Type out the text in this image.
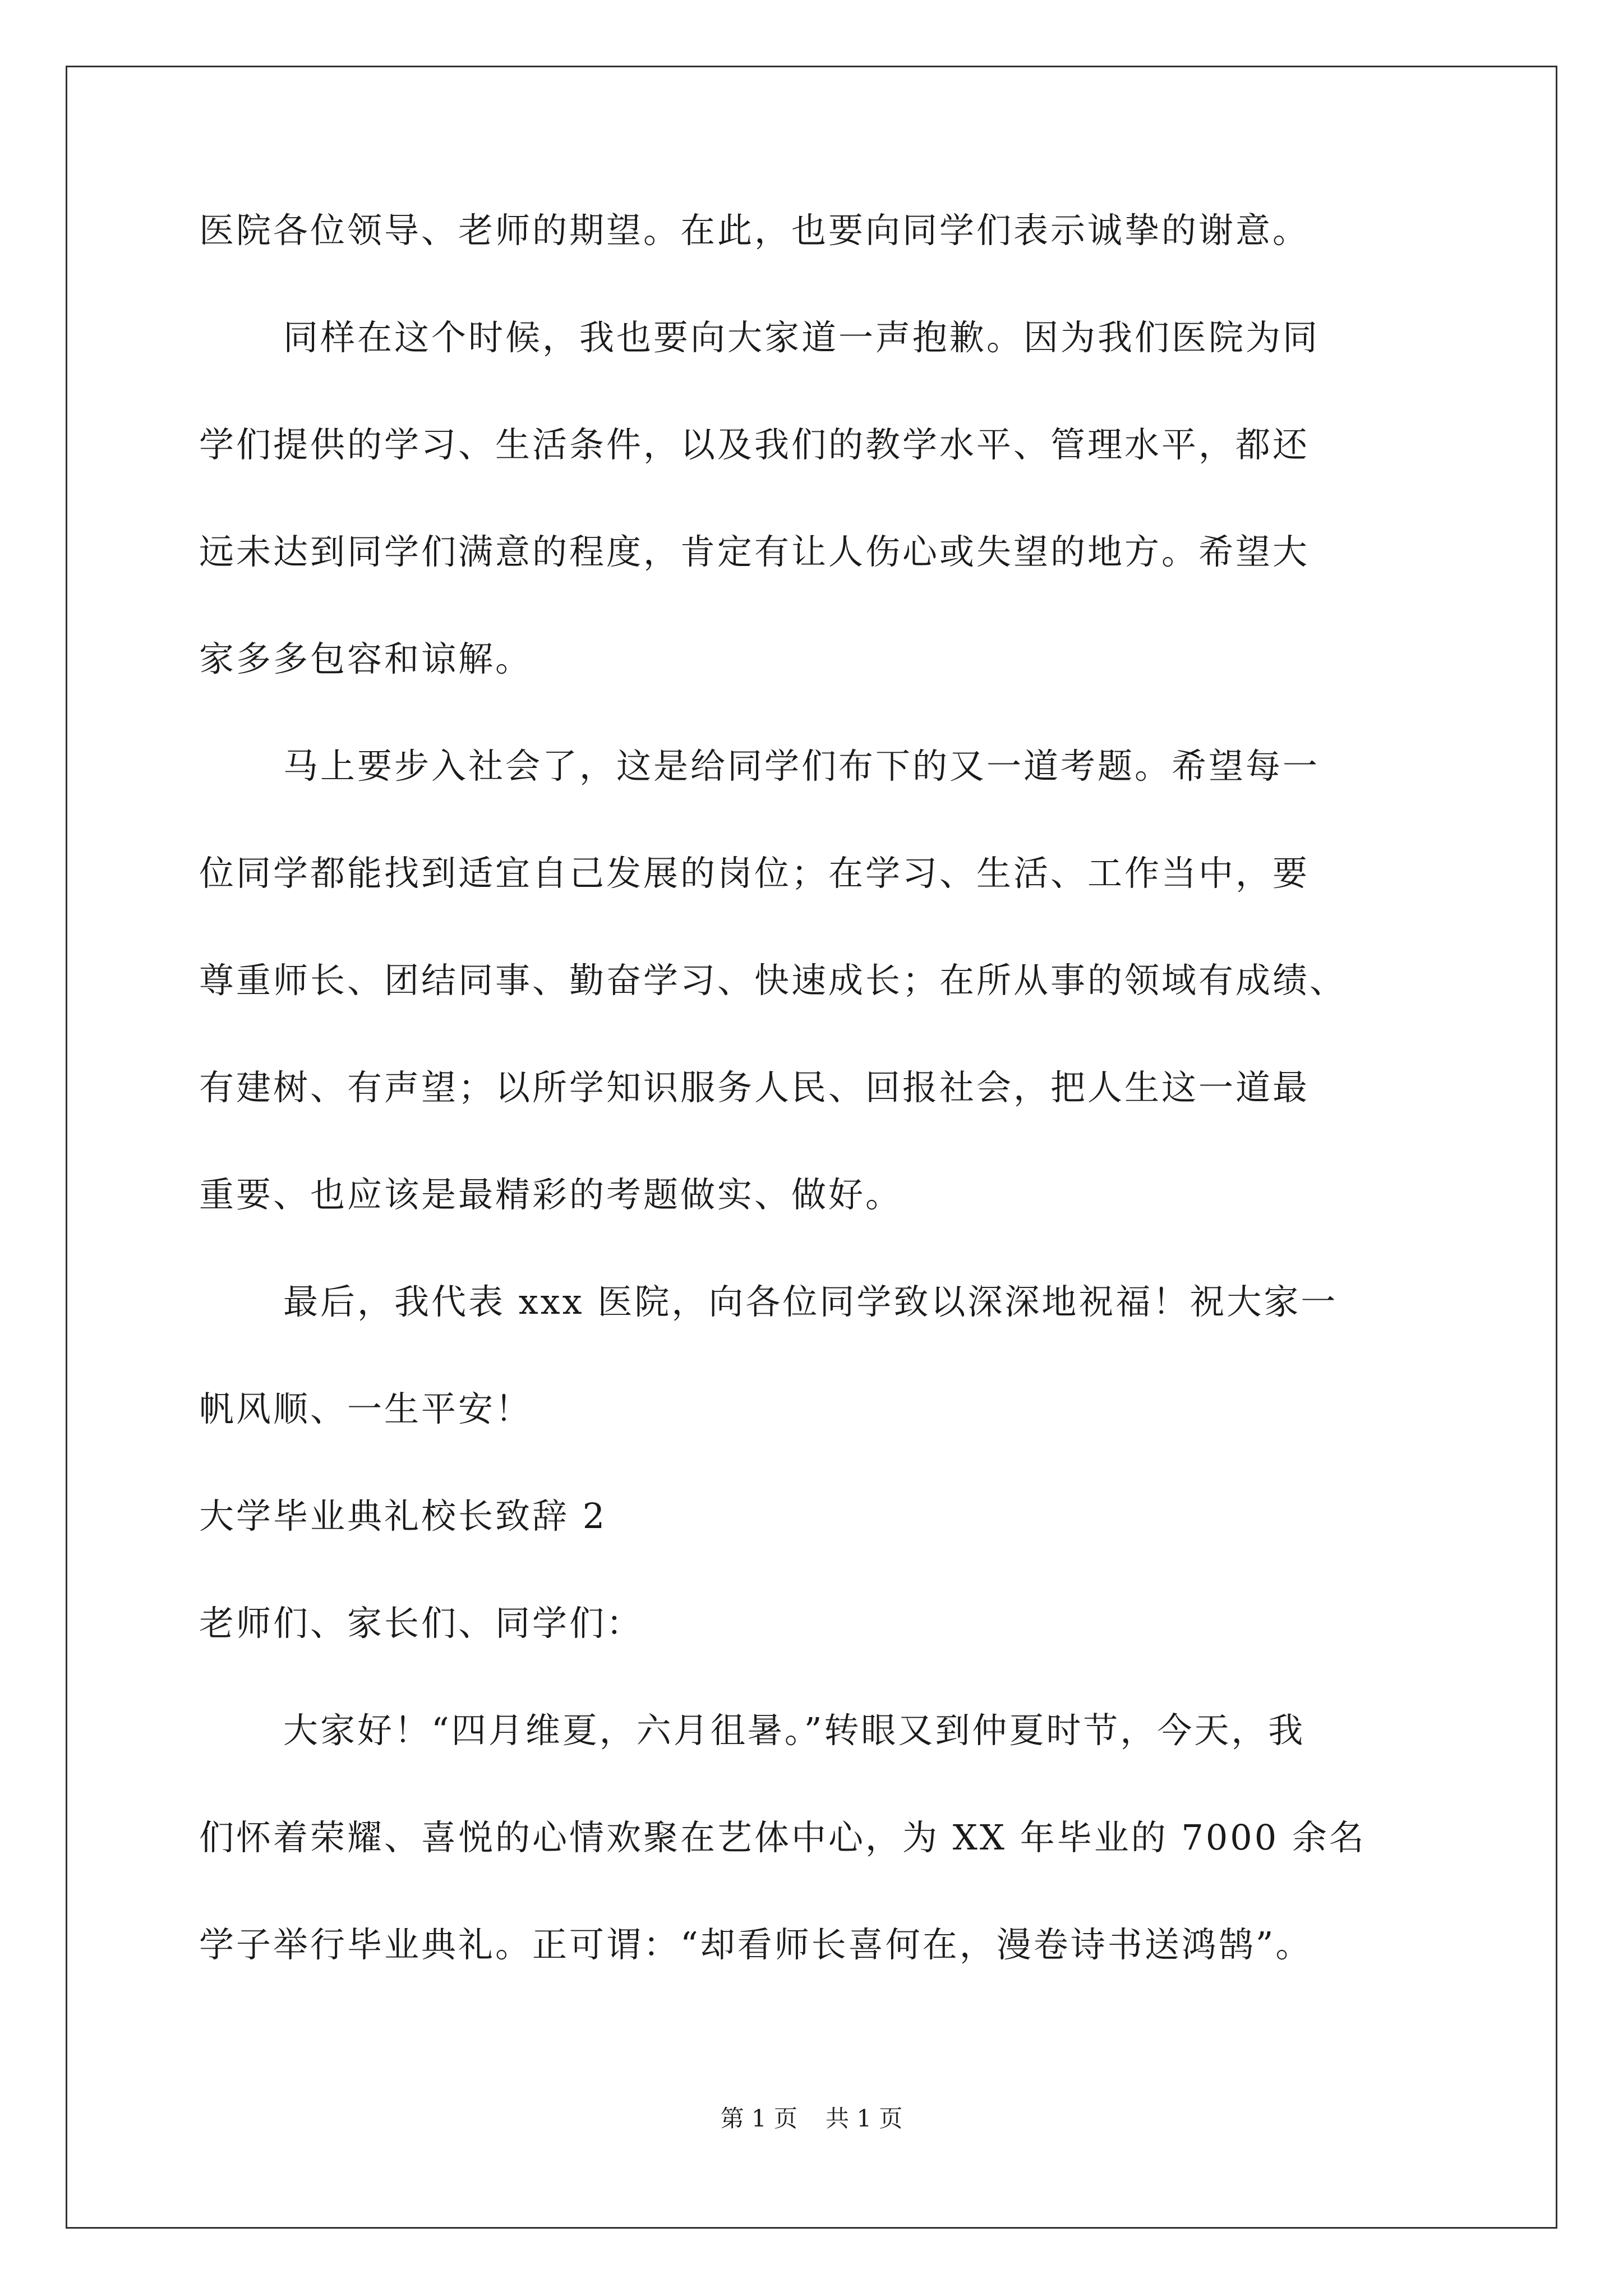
医院各位领导、老师的期望。在此，也要向同学们表示诚挚的谢意。
同样在这个时候，我也要向大家道一声抱歉。因为我们医院为同
学们提供的学习、生活条件，以及我们的教学水平、管理水平，都还
远未达到同学们满意的程度，肯定有让人伤心或失望的地方。希望大
家多多包容和谅解。
马上要步入社会了，这是给同学们布下的又一道考题。希望每一
位同学都能找到适宜自己发展的岗位；在学习、生活、工作当中，要
尊重师长、团结同事、勤奋学习、快速成长；在所从事的领域有成绩、
有建树、有声望；以所学知识服务人民、回报社会，把人生这一道最
重要、也应该是最精彩的考题做实、做好。
最后，我代表 xxx 医院，向各位同学致以深深地祝福！祝大家一
帆风顺、一生平安！
大学毕业典礼校长致辞 2
老师们、家长们、同学们：
大家好！“四月维夏，六月徂暑。”转眼又到仲夏时节，今天，我
们怀着荣耀、喜悦的心情欢聚在艺体中心，为 XX 年毕业的 7000 余名
学子举行毕业典礼。正可谓：“却看师长喜何在，漫卷诗书送鸿鹄”。
第 1 页 共 1 页
